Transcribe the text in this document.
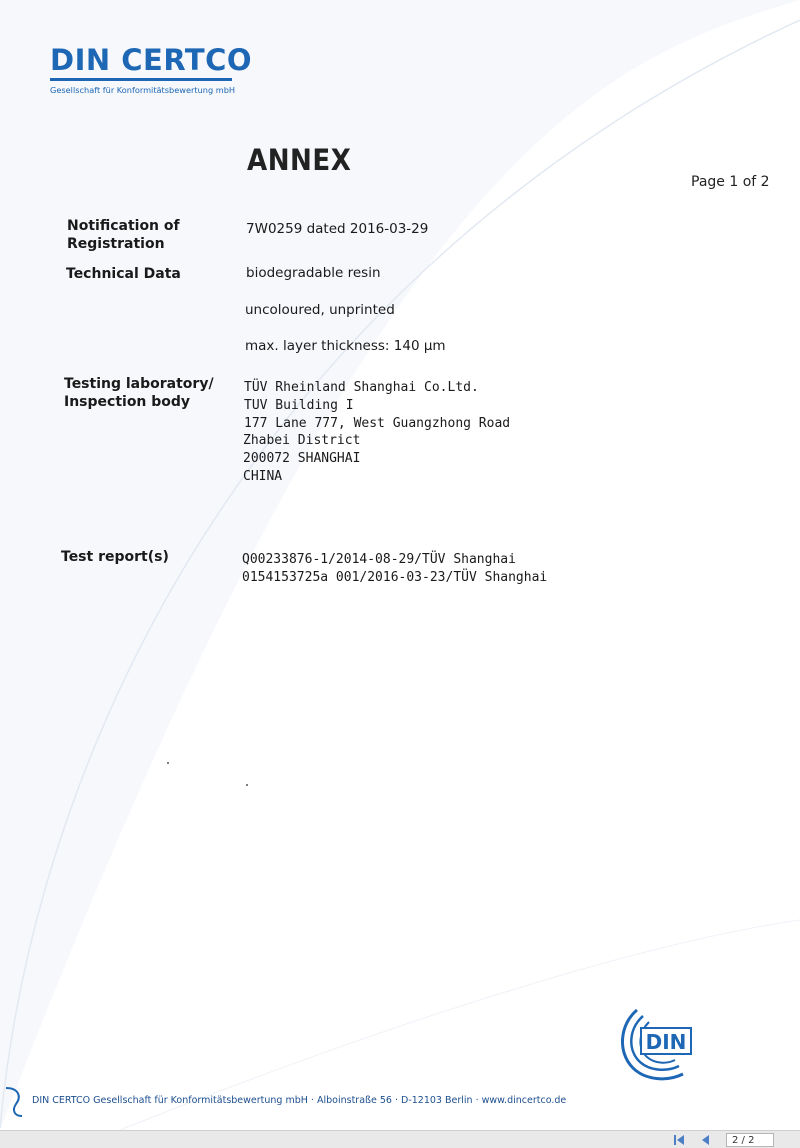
DIN CERTCO
Gesellschaft für Konformitätsbewertung mbH
ANNEX
Page 1 of 2
Notification of
Registration
7W0259 dated 2016-03-29
Technical Data	biodegradable resin
uncoloured, unprinted
max. layer thickness: 140 µm
Testing laboratory/
Inspection body
TÜV Rheinland Shanghai Co.Ltd.
TUV Building I
177 Lane 777, West Guangzhong Road
Zhabei District
200072 SHANGHAI
CHINA
Test report(s)	Q00233876-1/2014-08-29/TÜV Shanghai
0154153725a 001/2016-03-23/TÜV Shanghai
DIN
DIN CERTCO Gesellschaft für Konformitätsbewertung mbH · Alboinstraße 56 · D-12103 Berlin · www.dincertco.de
2 / 2
